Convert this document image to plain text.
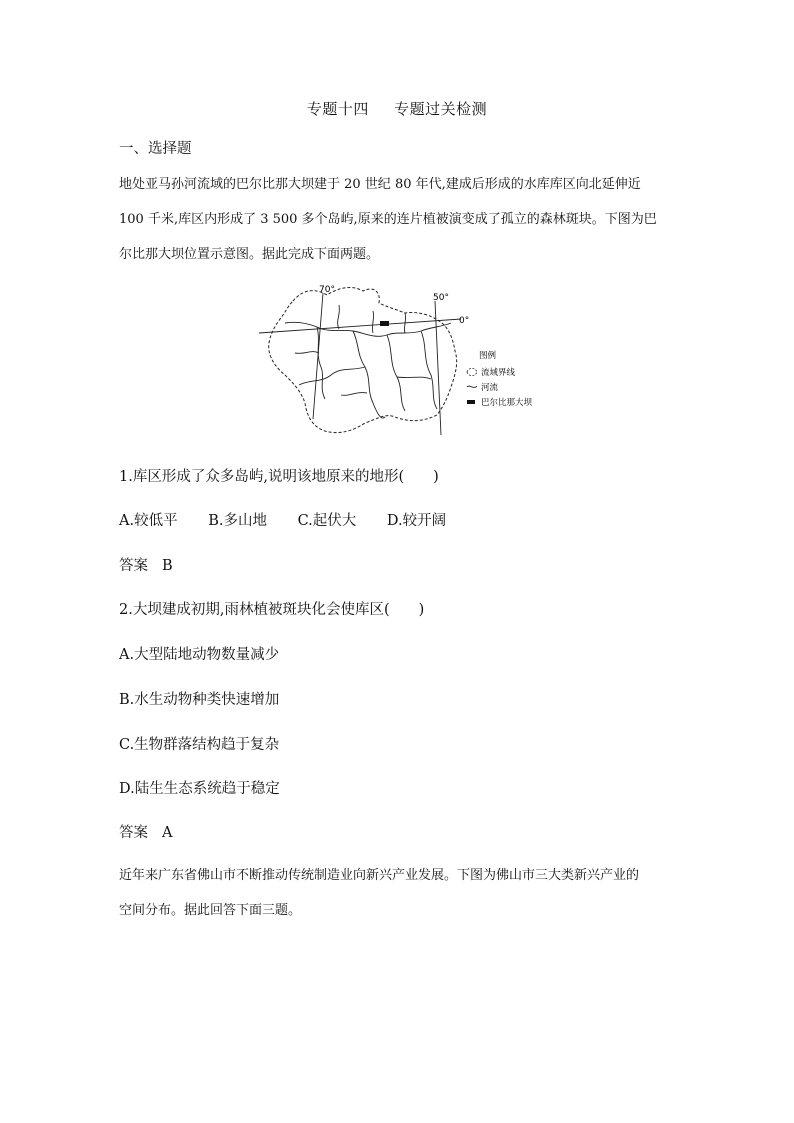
专题十四 专题过关检测
一、选择题
地处亚马孙河流域的巴尔比那大坝建于 20 世纪 80 年代,建成后形成的水库库区向北延伸近
100 千米,库区内形成了 3 500 多个岛屿,原来的连片植被演变成了孤立的森林斑块。下图为巴
尔比那大坝位置示意图。据此完成下面两题。
70°
50°
0°
图例
流域界线
河流
巴尔比那大坝
1.库区形成了众多岛屿,说明该地原来的地形(　　)
A.较低平 B.多山地 C.起伏大 D.较开阔
答案 B
2.大坝建成初期,雨林植被斑块化会使库区(　　)
A.大型陆地动物数量减少
B.水生动物种类快速增加
C.生物群落结构趋于复杂
D.陆生生态系统趋于稳定
答案 A
近年来广东省佛山市不断推动传统制造业向新兴产业发展。下图为佛山市三大类新兴产业的
空间分布。据此回答下面三题。
